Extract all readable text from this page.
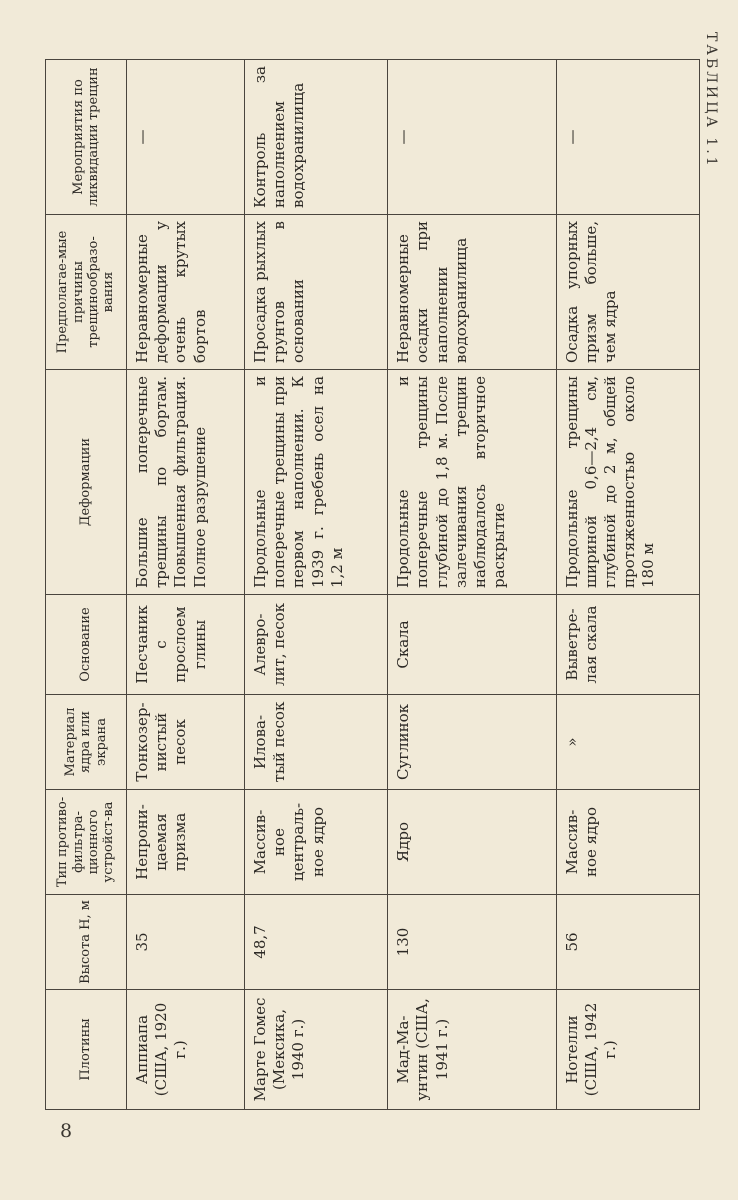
8
ТАБЛИЦА 1.1
Плотины	Высота H, м	Тип противо-фильтра-ционного устройст-ва	Материал ядра или экрана	Основание	Деформации	Предполагае-мые причины трещинообразо-вания	Мероприятия по ликвидации трещин
Аппиапа (США, 1920 г.)	35	Непрони-цаемая призма	Тонкозер-нистый песок	Песчаник с прослоем глины	Большие поперечные трещины по бортам. Повышенная фильтрация. Полное разрушение	Неравномерные деформации у очень крутых бортов	—
Марте Гомес (Мексика, 1940 г.)	48,7	Массив-ное централь-ное ядро	Илова-тый песок	Алевро-лит, песок	Продольные и поперечные трещины при первом наполнении. К 1939 г. гребень осел на 1,2 м	Просадка рыхлых грунтов в основании	Контроль за наполнением водохранилища
Мад-Ма-унтин (США, 1941 г.)	130	Ядро	Суглинок	Скала	Продольные и поперечные трещины глубиной до 1,8 м. После залечивания трещин наблюдалось вторичное раскрытие	Неравномерные осадки при наполнении водохранилища	—
Нотелли (США, 1942 г.)	56	Массив-ное ядро	»	Выветре-лая скала	Продольные трещины шириной 0,6—2,4 см, глубиной до 2 м, общей протяженностью около 180 м	Осадка упорных призм больше, чем ядра	—
